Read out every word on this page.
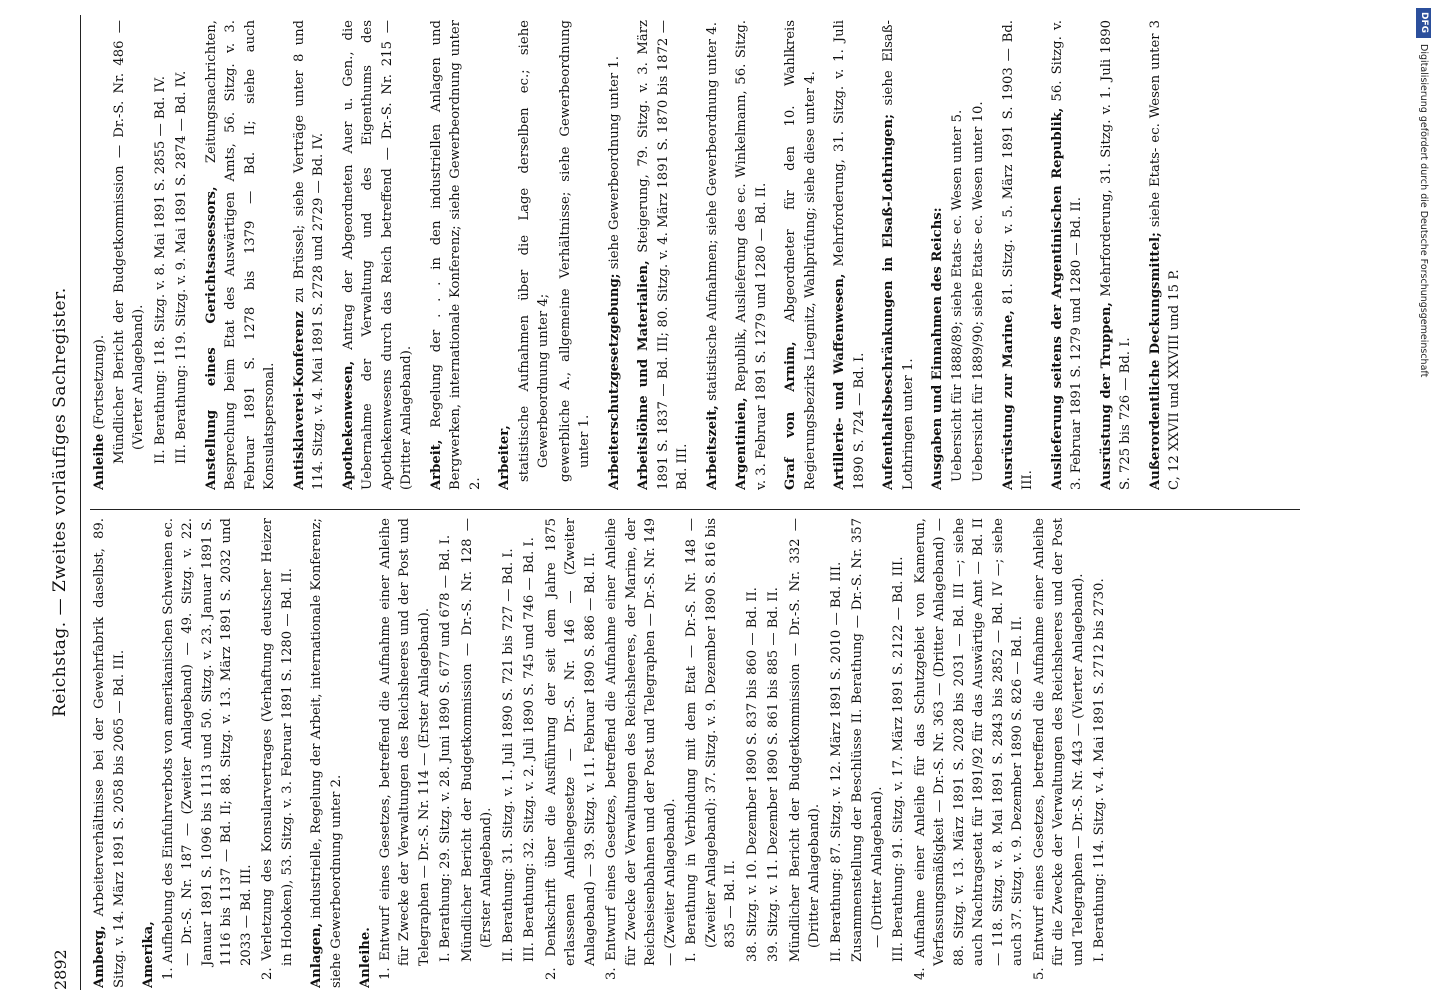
2892
Reichstag. — Zweites vorläufiges Sachregister.
Amberg, Arbeiterverhältnisse bei der Gewehrfabrik daselbst, 89. Sitzg. v. 14. März 1891 S. 2058 bis 2065 — Bd. III. Amerika, 1. Aufhebung des Einfuhrverbots von amerikanischen Schweinen ec. — Dr.-S. Nr. 187 — (Zweiter Anlageband) — 49. Sitzg. v. 22. Januar 1891 S. 1096 bis 1113 und 50. Sitzg. v. 23. Januar 1891 S. 1116 bis 1137 — Bd. II; 88. Sitzg. v. 13. März 1891 S. 2032 und 2033 — Bd. III. 2. Verletzung des Konsularvertrages (Verhaftung deutscher Heizer in Hoboken), 53. Sitzg. v. 3. Februar 1891 S. 1280 — Bd. II. Anlagen, industrielle, Regelung der Arbeit, internationale Konferenz; siehe Gewerbeordnung unter 2. Anleihe. 1. Entwurf eines Gesetzes, betreffend die Aufnahme einer Anleihe für Zwecke der Verwaltungen des Reichsheeres und der Post und Telegraphen — Dr.-S. Nr. 114 — (Erster Anlageband). I. Berathung: 29. Sitzg. v. 28. Juni 1890 S. 677 und 678 — Bd. I. Mündlicher Bericht der Budgetkommission — Dr.-S. Nr. 128 — (Erster Anlageband). II. Berathung: 31. Sitzg. v. 1. Juli 1890 S. 721 bis 727 — Bd. I. III. Berathung: 32. Sitzg. v. 2. Juli 1890 S. 745 und 746 — Bd. I. 2. Denkschrift über die Ausführung der seit dem Jahre 1875 erlassenen Anleihegesetze — Dr.-S. Nr. 146 — (Zweiter Anlageband) — 39. Sitzg. v. 11. Februar 1890 S. 886 — Bd. II. 3. Entwurf eines Gesetzes, betreffend die Aufnahme einer Anleihe für Zwecke der Verwaltungen des Reichsheeres, der Marine, der Reichseisenbahnen und der Post und Telegraphen — Dr.-S. Nr. 149 — (Zweiter Anlageband). I. Berathung in Verbindung mit dem Etat — Dr.-S. Nr. 148 — (Zweiter Anlageband): 37. Sitzg. v. 9. Dezember 1890 S. 816 bis 835 — Bd. II. 38. Sitzg. v. 10. Dezember 1890 S. 837 bis 860 — Bd. II. 39. Sitzg. v. 11. Dezember 1890 S. 861 bis 885 — Bd. II. Mündlicher Bericht der Budgetkommission — Dr.-S. Nr. 332 — (Dritter Anlageband). II. Berathung: 87. Sitzg. v. 12. März 1891 S. 2010 — Bd. III. Zusammenstellung der Beschlüsse II. Berathung — Dr.-S. Nr. 357 — (Dritter Anlageband). III. Berathung: 91. Sitzg. v. 17. März 1891 S. 2122 — Bd. III. 4. Aufnahme einer Anleihe für das Schutzgebiet von Kamerun, Verfassungsmäßigkeit — Dr.-S. Nr. 363 — (Dritter Anlageband) — 88. Sitzg. v. 13. März 1891 S. 2028 bis 2031 — Bd. III —; siehe auch Nachtragsetat für 1891/92 für das Auswärtige Amt — Bd. II — 118. Sitzg. v. 8. Mai 1891 S. 2843 bis 2852 — Bd. IV —; siehe auch 37. Sitzg. v. 9. Dezember 1890 S. 826 — Bd. II. 5. Entwurf eines Gesetzes, betreffend die Aufnahme einer Anleihe für die Zwecke der Verwaltungen des Reichsheeres und der Post und Telegraphen — Dr.-S. Nr. 443 — (Vierter Anlageband). I. Berathung: 114. Sitzg. v. 4. Mai 1891 S. 2712 bis 2730.
Anleihe (Fortsetzung). Mündlicher Bericht der Budgetkommission — Dr.-S. Nr. 486 — (Vierter Anlageband). II. Berathung: 118. Sitzg. v. 8. Mai 1891 S. 2855 — Bd. IV. III. Berathung: 119. Sitzg. v. 9. Mai 1891 S. 2874 — Bd. IV. Anstellung eines Gerichtsassessors, Zeitungsnachrichten, Besprechung beim Etat des Auswärtigen Amts, 56. Sitzg. v. 3. Februar 1891 S. 1278 bis 1379 — Bd. II; siehe auch Konsulatspersonal. Antisklaverei-Konferenz zu Brüssel; siehe Verträge unter 8 und 114. Sitzg. v. 4. Mai 1891 S. 2728 und 2729 — Bd. IV. Apothekenwesen, Antrag der Abgeordneten Auer u. Gen., die Uebernahme der Verwaltung und des Eigenthums des Apothekenwesens durch das Reich betreffend — Dr.-S. Nr. 215 — (Dritter Anlageband). Arbeit, Regelung der . . . in den industriellen Anlagen und Bergwerken, internationale Konferenz; siehe Gewerbeordnung unter 2. Arbeiter, statistische Aufnahmen über die Lage derselben ec.; siehe Gewerbeordnung unter 4; gewerbliche A., allgemeine Verhältnisse; siehe Gewerbeordnung unter 1. Arbeiterschutzgesetzgebung; siehe Gewerbeordnung unter 1.
Arbeitslöhne und Materialien, Steigerung, 79. Sitzg. v. 3. März 1891 S. 1837 — Bd. III; 80. Sitzg. v. 4. März 1891 S. 1870 bis 1872 — Bd. III. Arbeitszeit, statistische Aufnahmen; siehe Gewerbeordnung unter 4.
Argentinien, Republik, Auslieferung des ec. Winkelmann, 56. Sitzg. v. 3. Februar 1891 S. 1279 und 1280 — Bd. II. Graf von Arnim, Abgeordneter für den 10. Wahlkreis Regierungsbezirks Liegnitz, Wahlprüfung; siehe diese unter 4. Artillerie- und Waffenwesen, Mehrforderung, 31. Sitzg. v. 1. Juli 1890 S. 724 — Bd. I. Aufenthaltsbeschränkungen in Elsaß-Lothringen; siehe Elsaß-Lothringen unter 1. Ausgaben und Einnahmen des Reichs: Uebersicht für 1888/89; siehe Etats- ec. Wesen unter 5. Uebersicht für 1889/90; siehe Etats- ec. Wesen unter 10. Ausrüstung zur Marine, 81. Sitzg. v. 5. März 1891 S. 1903 — Bd. III. Auslieferung seitens der Argentinischen Republik, 56. Sitzg. v. 3. Februar 1891 S. 1279 und 1280 — Bd. II. Ausrüstung der Truppen, Mehrforderung, 31. Sitzg. v. 1. Juli 1890 S. 725 bis 726 — Bd. I. Außerordentliche Deckungsmittel; siehe Etats- ec. Wesen unter 3 C, 12 XXVII und XXVIII und 15 P.
DFG
Digitalisierung gefördert durch die Deutsche Forschungsgemeinschaft
